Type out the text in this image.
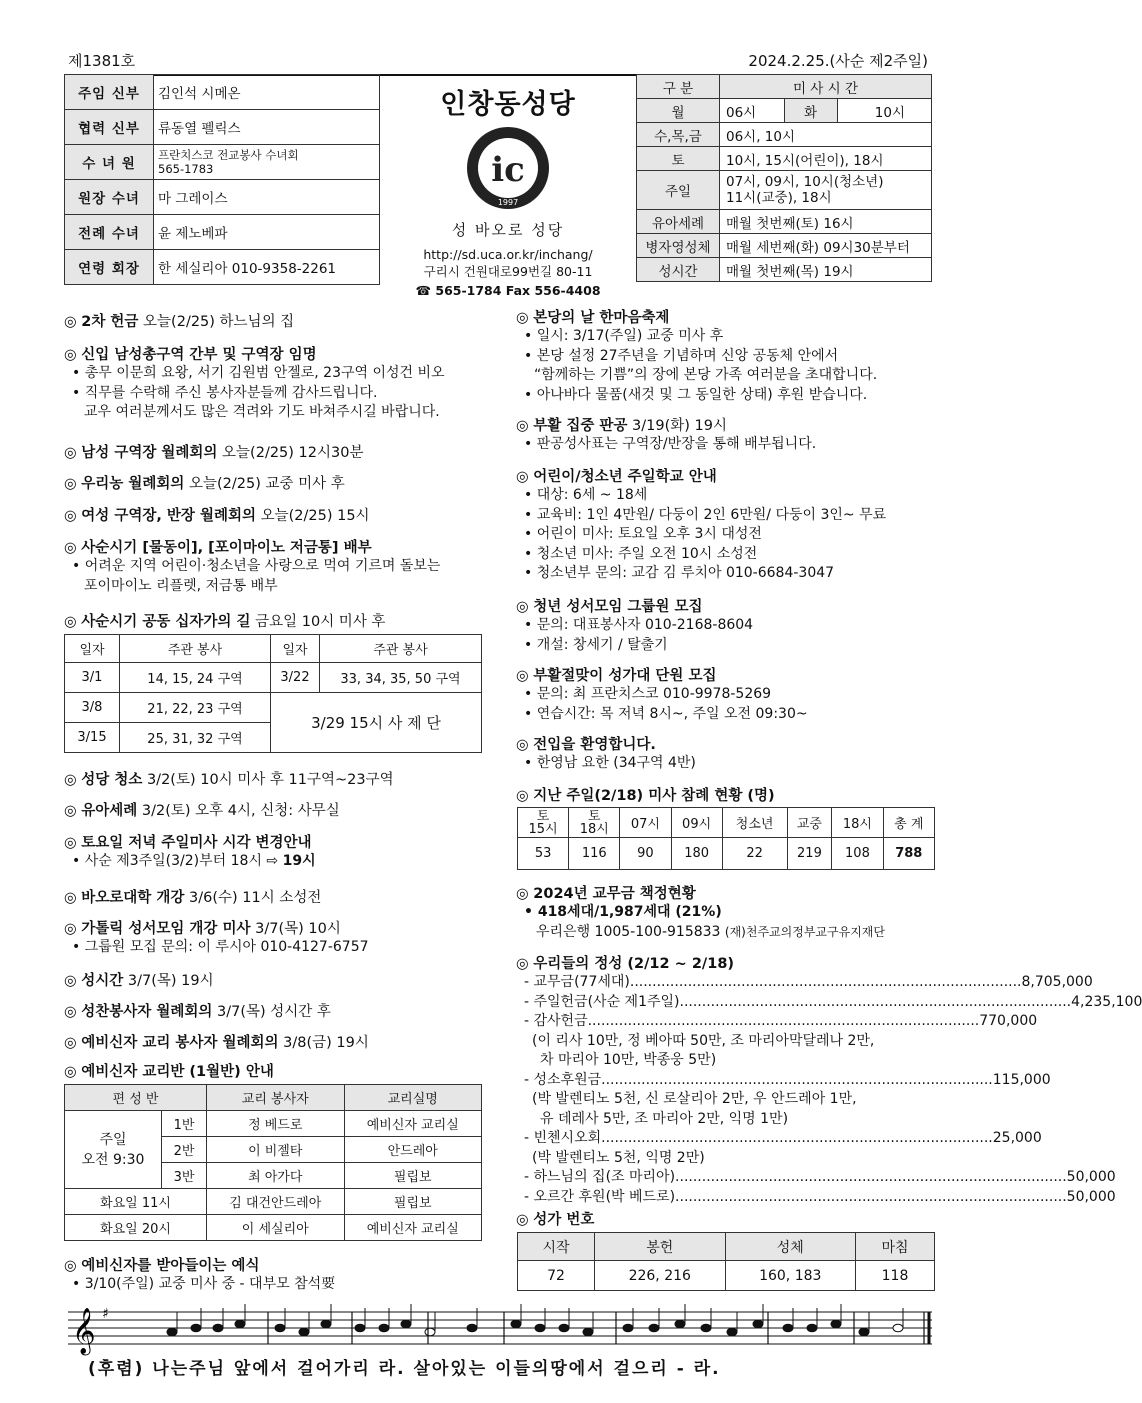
제1381호	2024.2.25.(사순 제2주일)
주임 신부	김인석 시메온
협력 신부	류동열 펠릭스
수 녀 원	프란치스코 전교봉사 수녀회
565-1783
원장 수녀	마 그레이스
전례 수녀	윤 제노베파
연령 회장	한 세실리아 010-9358-2261
인창동성당
ic
1997
성 바오로 성당
http://sd.uca.or.kr/inchang/
구리시 건원대로99번길 80-11
☎ 565-1784 Fax 556-4408
구 분	미 사 시 간		
월	06시	화	10시
수,목,금	06시, 10시		
토	10시, 15시(어린이), 18시		
주일	07시, 09시, 10시(청소년)
11시(교중), 18시		
유아세례	매월 첫번째(토) 16시		
병자영성체	매월 세번째(화) 09시30분부터		
성시간	매월 첫번째(목) 19시		
◎ 2차 헌금 오늘(2/25) 하느님의 집
◎ 신입 남성총구역 간부 및 구역장 임명
• 총무 이문희 요왕, 서기 김원범 안젤로, 23구역 이성건 비오
• 직무를 수락해 주신 봉사자분들께 감사드립니다.
교우 여러분께서도 많은 격려와 기도 바쳐주시길 바랍니다.
◎ 남성 구역장 월례회의 오늘(2/25) 12시30분
◎ 우리농 월례회의 오늘(2/25) 교중 미사 후
◎ 여성 구역장, 반장 월례회의 오늘(2/25) 15시
◎ 사순시기 [물동이], [포이마이노 저금통] 배부
• 어려운 지역 어린이·청소년을 사랑으로 먹여 기르며 돌보는
포이마이노 리플렛, 저금통 배부
◎ 사순시기 공동 십자가의 길 금요일 10시 미사 후
일자	주관 봉사	일자	주관 봉사
3/1	14, 15, 24 구역	3/22	33, 34, 35, 50 구역
3/8	21, 22, 23 구역	3/29 15시 사 제 단	
3/15	25, 31, 32 구역		
◎ 성당 청소 3/2(토) 10시 미사 후 11구역~23구역
◎ 유아세례 3/2(토) 오후 4시, 신청: 사무실
◎ 토요일 저녁 주일미사 시각 변경안내
• 사순 제3주일(3/2)부터 18시 ⇨ 19시
◎ 바오로대학 개강 3/6(수) 11시 소성전
◎ 가톨릭 성서모임 개강 미사 3/7(목) 10시
• 그룹원 모집 문의: 이 루시아 010-4127-6757
◎ 성시간 3/7(목) 19시
◎ 성찬봉사자 월례회의 3/7(목) 성시간 후
◎ 예비신자 교리 봉사자 월례회의 3/8(금) 19시
◎ 예비신자 교리반 (1월반) 안내
편 성 반		교리 봉사자	교리실명
주일
오전 9:30	1반	정 베드로	예비신자 교리실
	2반	이 비젤타	안드레아
	3반	최 아가다	필립보
화요일 11시		김 대건안드레아	필립보
화요일 20시		이 세실리아	예비신자 교리실
◎ 예비신자를 받아들이는 예식
• 3/10(주일) 교중 미사 중 - 대부모 참석要
◎ 본당의 날 한마음축제
• 일시: 3/17(주일) 교중 미사 후
• 본당 설정 27주년을 기념하며 신앙 공동체 안에서
“함께하는 기쁨”의 장에 본당 가족 여러분을 초대합니다.
• 아나바다 물품(새것 및 그 동일한 상태) 후원 받습니다.
◎ 부활 집중 판공 3/19(화) 19시
• 판공성사표는 구역장/반장을 통해 배부됩니다.
◎ 어린이/청소년 주일학교 안내
• 대상: 6세 ~ 18세
• 교육비: 1인 4만원/ 다둥이 2인 6만원/ 다둥이 3인~ 무료
• 어린이 미사: 토요일 오후 3시 대성전
• 청소년 미사: 주일 오전 10시 소성전
• 청소년부 문의: 교감 김 루치아 010-6684-3047
◎ 청년 성서모임 그룹원 모집
• 문의: 대표봉사자 010-2168-8604
• 개설: 창세기 / 탈출기
◎ 부활절맞이 성가대 단원 모집
• 문의: 최 프란치스코 010-9978-5269
• 연습시간: 목 저녁 8시~, 주일 오전 09:30~
◎ 전입을 환영합니다.
• 한영남 요한 (34구역 4반)
◎ 지난 주일(2/18) 미사 참례 현황 (명)
토
15시	토
18시	07시	09시	청소년	교중	18시	총 계
53	116	90	180	22	219	108	788
◎ 2024년 교무금 책정현황
• 418세대/1,987세대 (21%)
우리은행 1005-100-915833 (재)천주교의정부교구유지재단
◎ 우리들의 정성 (2/12 ~ 2/18)
- 교무금(77세대) ........................................................................................ 8,705,000
- 주일헌금(사순 제1주일) ........................................................................................ 4,235,100
- 감사헌금 ........................................................................................ 770,000
(이 리사 10만, 정 베아따 50만, 조 마리아막달레나 2만,
차 마리아 10만, 박종웅 5만)
- 성소후원금 ........................................................................................ 115,000
(박 발렌티노 5천, 신 로살리아 2만, 우 안드레아 1만,
유 데레사 5만, 조 마리아 2만, 익명 1만)
- 빈첸시오회 ........................................................................................ 25,000
(박 발렌티노 5천, 익명 2만)
- 하느님의 집(조 마리아) ........................................................................................ 50,000
- 오르간 후원(박 베드로) ........................................................................................ 50,000
◎ 성가 번호
시작	봉헌	성체	마침
72	226, 216	160, 183	118
𝄞 ♯
(후렴) 나는주님 앞에서 걸어가리 라. 살아있는 이들의땅에서 걸으리 - 라.
